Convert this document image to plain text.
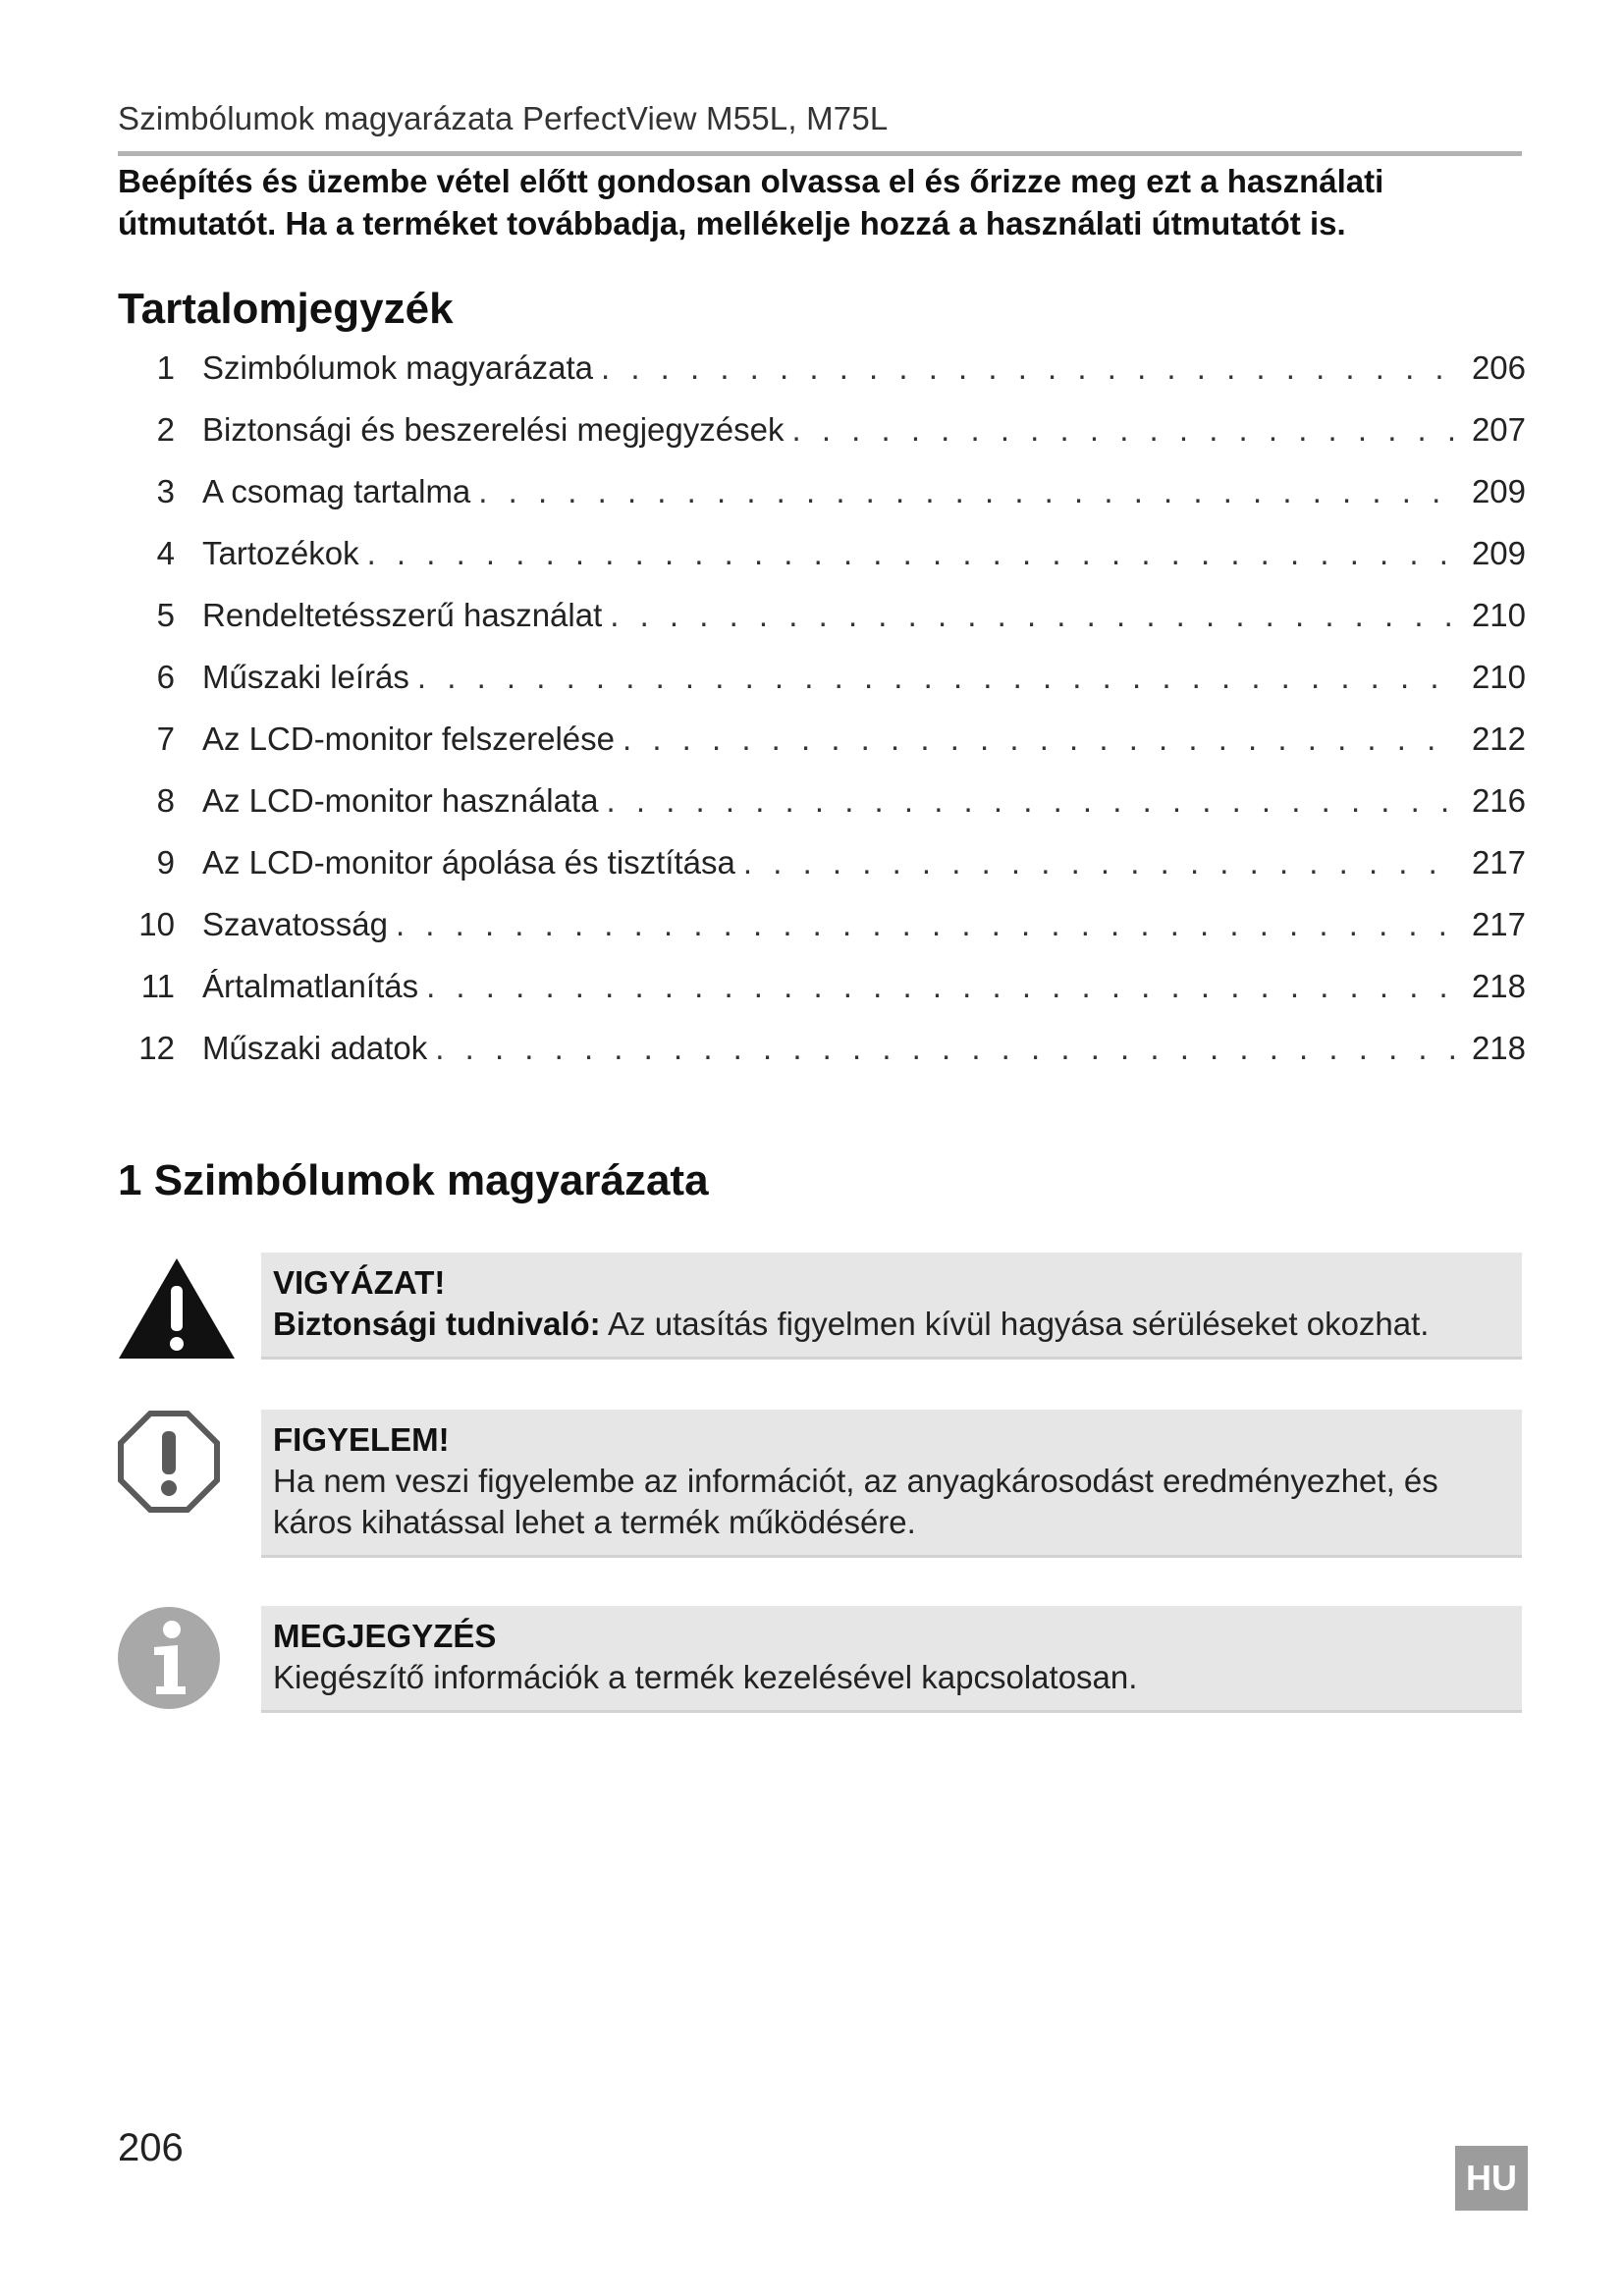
Szimbólumok magyarázata PerfectView M55L, M75L
Beépítés és üzembe vétel előtt gondosan olvassa el és őrizze meg ezt a használati útmutatót. Ha a terméket továbbadja, mellékelje hozzá a használati útmutatót is.
Tartalomjegyzék
1 Szimbólumok magyarázata . . .	206
2 Biztonsági és beszerelési megjegyzések . . .	207
3 A csomag tartalma . . .	209
4 Tartozékok . . .	209
5 Rendeltetésszerű használat . . .	210
6 Műszaki leírás . . .	210
7 Az LCD-monitor felszerelése . . .	212
8 Az LCD-monitor használata . . .	216
9 Az LCD-monitor ápolása és tisztítása . . .	217
10 Szavatosság . . .	217
11 Ártalmatlanítás . . .	218
12 Műszaki adatok . . .	218
1 Szimbólumok magyarázata
VIGYÁZAT!
Biztonsági tudnivaló: Az utasítás figyelmen kívül hagyása sérüléseket okozhat.
FIGYELEM!
Ha nem veszi figyelembe az információt, az anyagkárosodást eredményezhet, és káros kihatással lehet a termék működésére.
MEGJEGYZÉS
Kiegészítő információk a termék kezelésével kapcsolatosan.
206
HU
